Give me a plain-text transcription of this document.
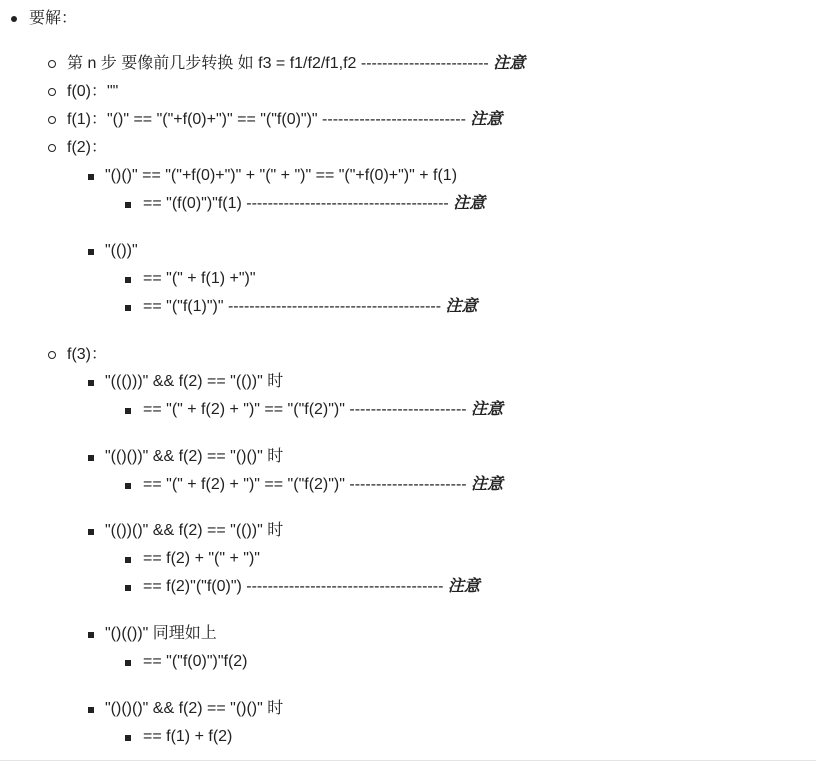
要解：
第 n 步 要像前几步转换 如 f3 = f1/f2/f1,f2 ------------------------ 注意
f(0)：""
f(1)："()" == "("+f(0)+")" == "("f(0)")" --------------------------- 注意
f(2)：
"()()" == "("+f(0)+")" + "(" + ")" == "("+f(0)+")" + f(1)
== "(f(0)")"f(1) -------------------------------------- 注意
"(())"
== "(" + f(1) +")"
== "("f(1)")" ---------------------------------------- 注意
f(3)：
"((()))" && f(2) == "(())" 时
== "(" + f(2) + ")" == "("f(2)")" ---------------------- 注意
"(()())" && f(2) == "()()" 时
== "(" + f(2) + ")" == "("f(2)")" ---------------------- 注意
"(())()" && f(2) == "(())" 时
== f(2) + "(" + ")"
== f(2)"("f(0)") ------------------------------------- 注意
"()(())" 同理如上
== "("f(0)")"f(2)
"()()()" && f(2) == "()()" 时
== f(1) + f(2)
